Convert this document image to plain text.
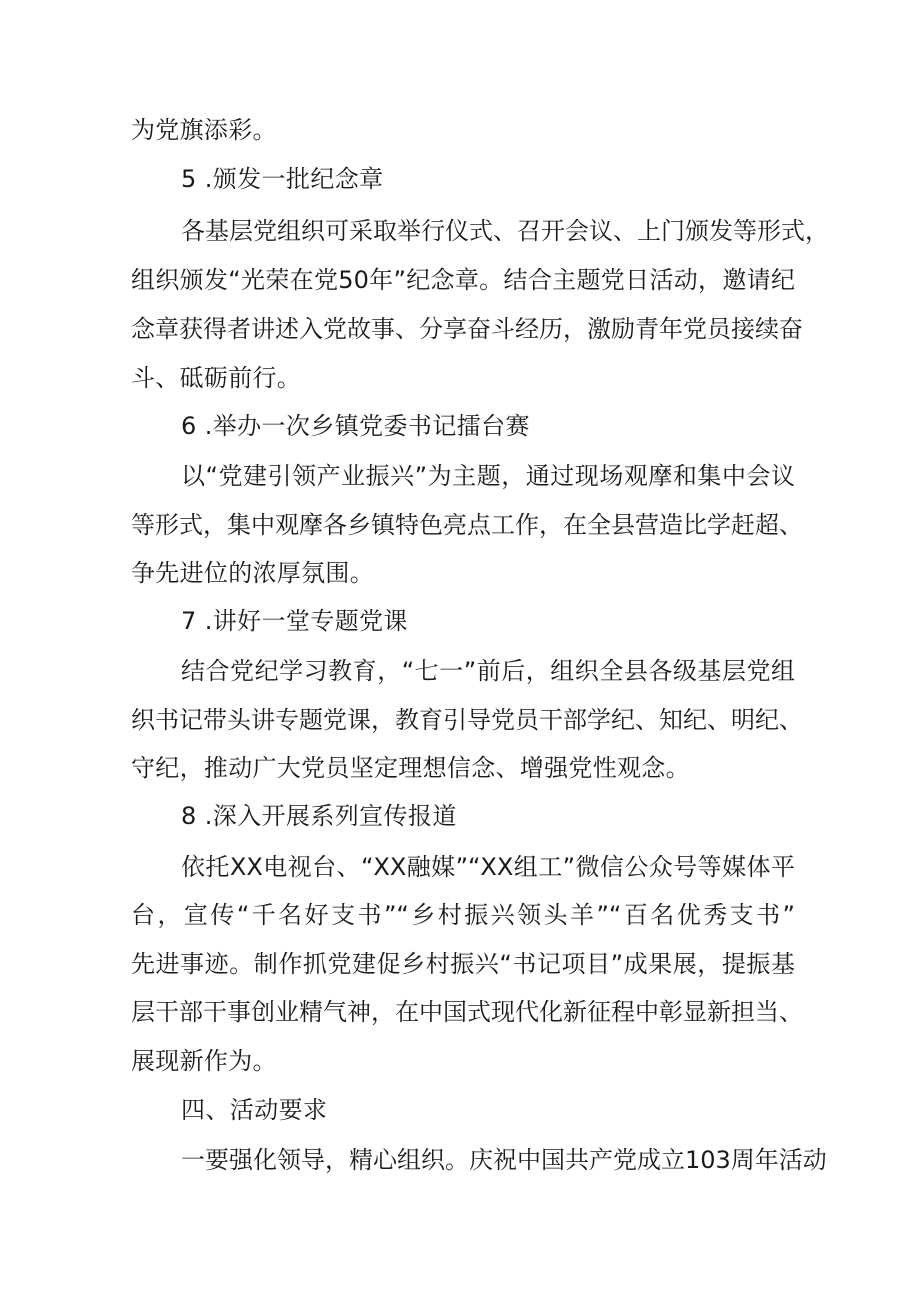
为党旗添彩。

5 .颁发一批纪念章

各基层党组织可采取举行仪式、召开会议、上门颁发等形式，

组织颁发“光荣在党50年”纪念章。结合主题党日活动，邀请纪

念章获得者讲述入党故事、分享奋斗经历，激励青年党员接续奋

斗、砥砺前行。

6 .举办一次乡镇党委书记擂台赛

以“党建引领产业振兴”为主题，通过现场观摩和集中会议

等形式，集中观摩各乡镇特色亮点工作，在全县营造比学赶超、

争先进位的浓厚氛围。

7 .讲好一堂专题党课

结合党纪学习教育，“七一”前后，组织全县各级基层党组

织书记带头讲专题党课，教育引导党员干部学纪、知纪、明纪、

守纪，推动广大党员坚定理想信念、增强党性观念。

8 .深入开展系列宣传报道

依托XX电视台、“XX融媒”“XX组工”微信公众号等媒体平

台，宣传“千名好支书”“乡村振兴领头羊”“百名优秀支书”

先进事迹。制作抓党建促乡村振兴“书记项目”成果展，提振基

层干部干事创业精气神，在中国式现代化新征程中彰显新担当、

展现新作为。

四、活动要求

一要强化领导，精心组织。庆祝中国共产党成立103周年活动
